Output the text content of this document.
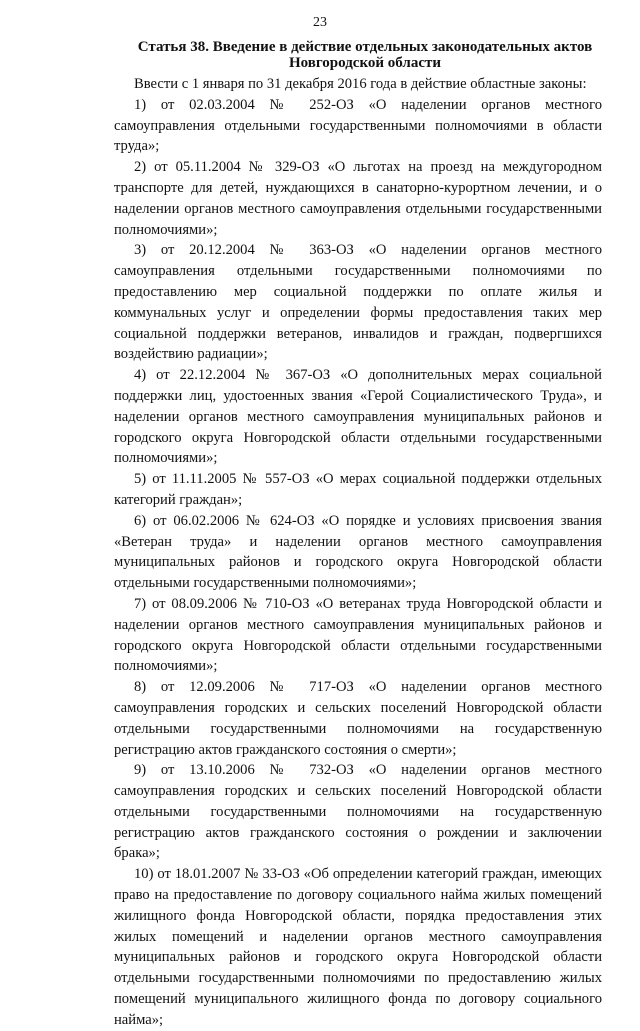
23
Статья 38. Введение в действие отдельных законодательных актов
Новгородской области

Ввести с 1 января по 31 декабря 2016 года в действие областные законы:

1) от 02.03.2004 № 252-ОЗ «О наделении органов местного самоуправления отдельными государственными полномочиями в области труда»;

2) от 05.11.2004 № 329-ОЗ «О льготах на проезд на междугородном транспорте для детей, нуждающихся в санаторно-курортном лечении, и о наделении органов местного самоуправления отдельными государственными полномочиями»;

3) от 20.12.2004 № 363-ОЗ «О наделении органов местного самоуправления отдельными государственными полномочиями по предоставлению мер социальной поддержки по оплате жилья и коммунальных услуг и определении формы предоставления таких мер социальной поддержки ветеранов, инвалидов и граждан, подвергшихся воздействию радиации»;

4) от 22.12.2004 № 367-ОЗ «О дополнительных мерах социальной поддержки лиц, удостоенных звания «Герой Социалистического Труда», и наделении органов местного самоуправления муниципальных районов и городского округа Новгородской области отдельными государственными полномочиями»;

5) от 11.11.2005 № 557-ОЗ «О мерах социальной поддержки отдельных категорий граждан»;

6) от 06.02.2006 № 624-ОЗ «О порядке и условиях присвоения звания «Ветеран труда» и наделении органов местного самоуправления муниципальных районов и городского округа Новгородской области отдельными государственными полномочиями»;

7) от 08.09.2006 № 710-ОЗ «О ветеранах труда Новгородской области и наделении органов местного самоуправления муниципальных районов и городского округа Новгородской области отдельными государственными полномочиями»;

8) от 12.09.2006 № 717-ОЗ «О наделении органов местного самоуправления городских и сельских поселений Новгородской области отдельными государственными полномочиями на государственную регистрацию актов гражданского состояния о смерти»;

9) от 13.10.2006 № 732-ОЗ «О наделении органов местного самоуправления городских и сельских поселений Новгородской области отдельными государственными полномочиями на государственную регистрацию актов гражданского состояния о рождении и заключении брака»;

10) от 18.01.2007 № 33-ОЗ «Об определении категорий граждан, имеющих право на предоставление по договору социального найма жилых помещений жилищного фонда Новгородской области, порядка предоставления этих жилых помещений и наделении органов местного самоуправления муниципальных районов и городского округа Новгородской области отдельными государственными полномочиями по предоставлению жилых помещений муниципального жилищного фонда по договору социального найма»;
